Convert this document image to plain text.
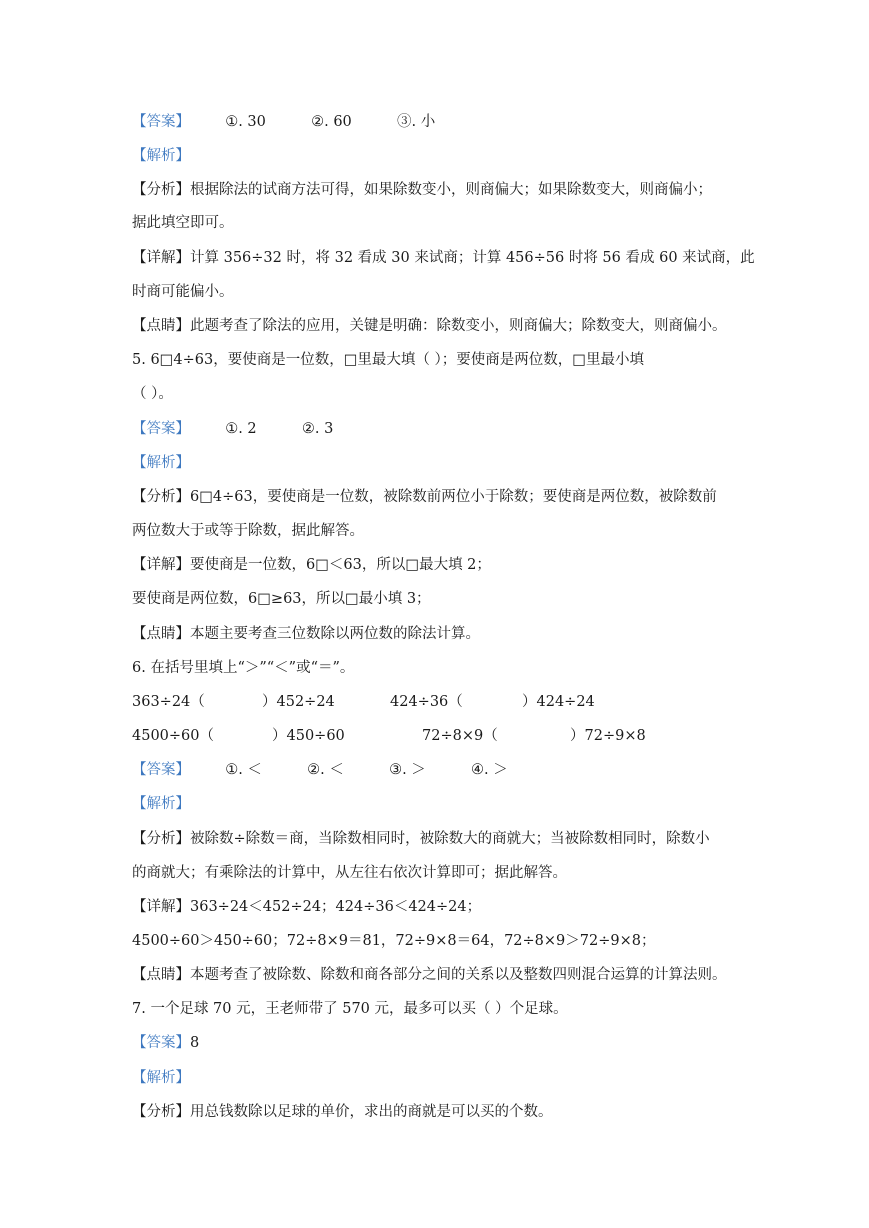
【答案】 ①. 30	②. 60	③. 小
【解析】
【分析】根据除法的试商方法可得，如果除数变小，则商偏大；如果除数变大，则商偏小；
据此填空即可。
【详解】计算 356÷32 时，将 32 看成 30 来试商；计算 456÷56 时将 56 看成 60 来试商，此
时商可能偏小。
【点睛】此题考查了除法的应用，关键是明确：除数变小，则商偏大；除数变大，则商偏小。
5. 6□4÷63，要使商是一位数，□里最大填（ ）；要使商是两位数，□里最小填
（ ）。
【答案】 ①. 2	②. 3
【解析】
【分析】6□4÷63，要使商是一位数，被除数前两位小于除数；要使商是两位数，被除数前
两位数大于或等于除数，据此解答。
【详解】要使商是一位数，6□＜63，所以□最大填 2；
要使商是两位数，6□≥63，所以□最小填 3；
【点睛】本题主要考查三位数除以两位数的除法计算。
6. 在括号里填上“＞”“＜”或“＝”。
363÷24（	）452÷24	424÷36（	）424÷24
4500÷60（	）450÷60	72÷8×9（	）72÷9×8
【答案】 ①. ＜	②. ＜	③. ＞	④. ＞
【解析】
【分析】被除数÷除数＝商，当除数相同时，被除数大的商就大；当被除数相同时，除数小
的商就大；有乘除法的计算中，从左往右依次计算即可；据此解答。
【详解】363÷24＜452÷24；424÷36＜424÷24；
4500÷60＞450÷60；72÷8×9＝81，72÷9×8＝64，72÷8×9＞72÷9×8；
【点睛】本题考查了被除数、除数和商各部分之间的关系以及整数四则混合运算的计算法则。
7. 一个足球 70 元，王老师带了 570 元，最多可以买（ ）个足球。
【答案】8
【解析】
【分析】用总钱数除以足球的单价，求出的商就是可以买的个数。
